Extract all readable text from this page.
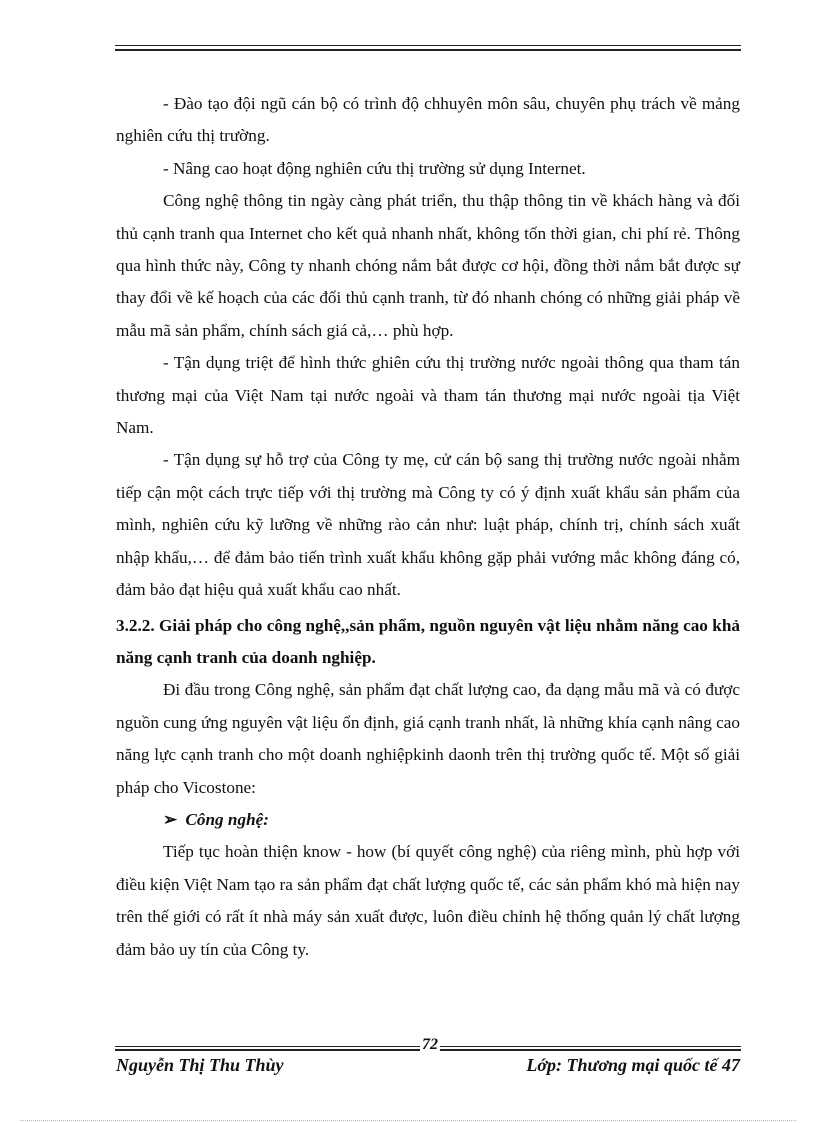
- Đào tạo đội ngũ cán bộ có trình độ chhuyên môn sâu, chuyên phụ trách về mảng nghiên cứu thị trường.

- Nâng cao hoạt động nghiên cứu thị trường sử dụng Internet.

Công nghệ thông tin ngày càng phát triển, thu thập thông tin về khách hàng và đối thủ cạnh tranh qua Internet cho kết quả nhanh nhất, không tốn thời gian, chi phí rẻ. Thông qua hình thức này, Công ty nhanh chóng nắm bắt được cơ hội, đồng thời nắm bắt được sự thay đổi về kế hoạch của các đối thủ cạnh tranh, từ đó nhanh chóng có những giải pháp về mẫu mã sản phẩm, chính sách giá cả,… phù hợp.

- Tận dụng triệt để hình thức ghiên cứu thị trường nước ngoài thông qua tham tán thương mại của Việt Nam tại nước ngoài và tham tán thương mại nước ngoài tịa Việt Nam.

- Tận dụng sự hỗ trợ của Công ty mẹ, cử cán bộ sang thị trường nước ngoài nhằm tiếp cận một cách trực tiếp với thị trường mà Công ty có ý định xuất khẩu sản phẩm của mình, nghiên cứu kỹ lưỡng về những rào cản như: luật pháp, chính trị, chính sách xuất nhập khẩu,… để đảm bảo tiến trình xuất khẩu không gặp phải vướng mắc không đáng có, đảm bảo đạt hiệu quả xuất khẩu cao nhất.

3.2.2. Giải pháp cho công nghệ,,sản phẩm, nguồn nguyên vật liệu nhằm năng cao khả năng cạnh tranh của doanh nghiệp.

Đi đầu trong Công nghệ, sản phẩm đạt chất lượng cao, đa dạng mẫu mã và có được nguồn cung ứng nguyên vật liệu ổn định, giá cạnh tranh nhất, là những khía cạnh nâng cao năng lực cạnh tranh cho một doanh nghiệpkinh daonh trên thị trường quốc tế. Một số giải pháp cho Vicostone:

➢ Công nghệ:

Tiếp tục hoàn thiện know - how (bí quyết công nghệ) của riêng mình, phù hợp với điều kiện Việt Nam tạo ra sản phẩm đạt chất lượng quốc tế, các sản phẩm khó mà hiện nay trên thế giới có rất ít nhà máy sản xuất được, luôn điều chỉnh hệ thống quản lý chất lượng đảm bảo uy tín của Công ty.

72
Nguyễn Thị Thu Thùy	Lớp: Thương mại quốc tế 47
